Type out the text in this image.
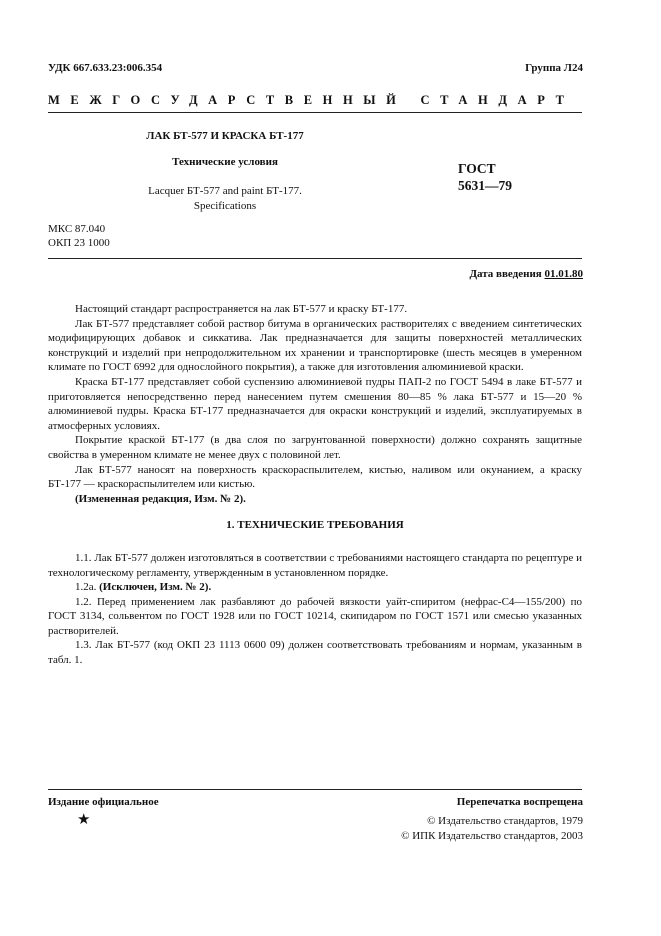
УДК 667.633.23:006.354	Группа Л24
МЕЖГОСУДАРСТВЕННЫЙ СТАНДАРТ
ЛАК БТ-577 И КРАСКА БТ-177
Технические условия
Lacquer БТ-577 and paint БТ-177.
Specifications
ГОСТ
5631—79
МКС 87.040
ОКП 23 1000
Дата введения 01.01.80

Настоящий стандарт распространяется на лак БТ-577 и краску БТ-177.

Лак БТ-577 представляет собой раствор битума в органических растворителях с введением синтетических модифицирующих добавок и сиккатива. Лак предназначается для защиты поверхностей металлических конструкций и изделий при непродолжительном их хранении и транспортировке (шесть месяцев в умеренном климате по ГОСТ 6992 для однослойного покрытия), а также для изготовления алюминиевой краски.

Краска БТ-177 представляет собой суспензию алюминиевой пудры ПАП-2 по ГОСТ 5494 в лаке БТ-577 и приготовляется непосредственно перед нанесением путем смешения 80—85 % лака БТ-577 и 15—20 % алюминиевой пудры. Краска БТ-177 предназначается для окраски конструкций и изделий, эксплуатируемых в атмосферных условиях.

Покрытие краской БТ-177 (в два слоя по загрунтованной поверхности) должно сохранять защитные свойства в умеренном климате не менее двух с половиной лет.

Лак БТ-577 наносят на поверхность краскораспылителем, кистью, наливом или окунанием, а краску БТ-177 — краскораспылителем или кистью.

(Измененная редакция, Изм. № 2).

1. ТЕХНИЧЕСКИЕ ТРЕБОВАНИЯ

1.1. Лак БТ-577 должен изготовляться в соответствии с требованиями настоящего стандарта по рецептуре и технологическому регламенту, утвержденным в установленном порядке.

1.2а. (Исключен, Изм. № 2).

1.2. Перед применением лак разбавляют до рабочей вязкости уайт-спиритом (нефрас-С4—155/200) по ГОСТ 3134, сольвентом по ГОСТ 1928 или по ГОСТ 10214, скипидаром по ГОСТ 1571 или смесью указанных растворителей.

1.3. Лак БТ-577 (код ОКП 23 1113 0600 09) должен соответствовать требованиям и нормам, указанным в табл. 1.

Издание официальное	Перепечатка воспрещена
★	© Издательство стандартов, 1979
© ИПК Издательство стандартов, 2003
